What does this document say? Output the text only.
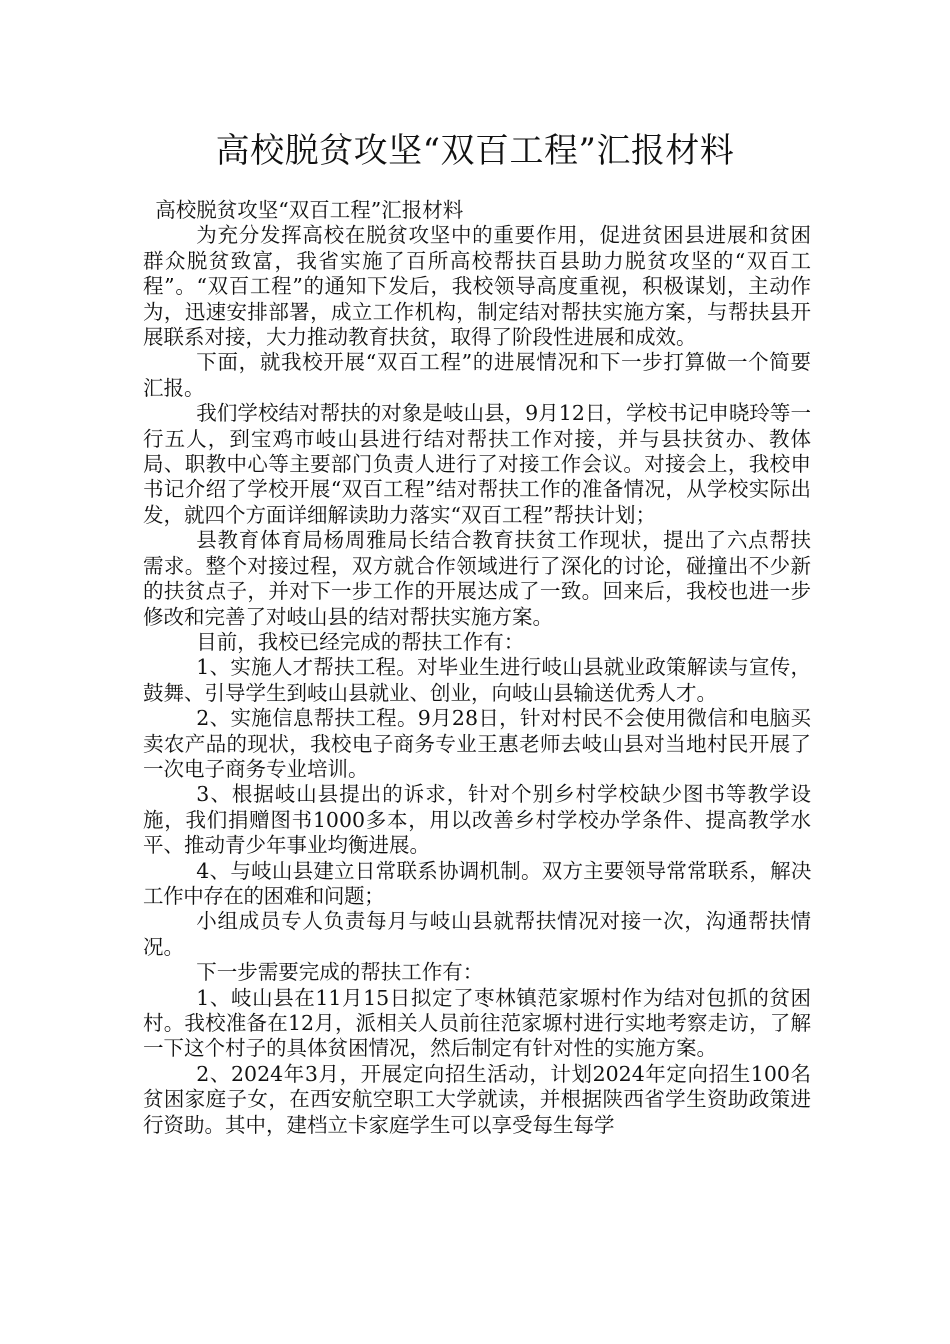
高校脱贫攻坚“双百工程”汇报材料

高校脱贫攻坚“双百工程”汇报材料

为充分发挥高校在脱贫攻坚中的重要作用，促进贫困县进展和贫困群众脱贫致富，我省实施了百所高校帮扶百县助力脱贫攻坚的“双百工程”。“双百工程”的通知下发后，我校领导高度重视，积极谋划，主动作为，迅速安排部署，成立工作机构，制定结对帮扶实施方案，与帮扶县开展联系对接，大力推动教育扶贫，取得了阶段性进展和成效。

下面，就我校开展“双百工程”的进展情况和下一步打算做一个简要汇报。

我们学校结对帮扶的对象是岐山县，9月12日，学校书记申晓玲等一行五人，到宝鸡市岐山县进行结对帮扶工作对接，并与县扶贫办、教体局、职教中心等主要部门负责人进行了对接工作会议。对接会上，我校申书记介绍了学校开展“双百工程”结对帮扶工作的准备情况，从学校实际出发，就四个方面详细解读助力落实“双百工程”帮扶计划；

县教育体育局杨周雅局长结合教育扶贫工作现状，提出了六点帮扶需求。整个对接过程，双方就合作领域进行了深化的讨论，碰撞出不少新的扶贫点子，并对下一步工作的开展达成了一致。回来后，我校也进一步修改和完善了对岐山县的结对帮扶实施方案。

目前，我校已经完成的帮扶工作有：

1、实施人才帮扶工程。对毕业生进行岐山县就业政策解读与宣传，鼓舞、引导学生到岐山县就业、创业，向岐山县输送优秀人才。

2、实施信息帮扶工程。9月28日，针对村民不会使用微信和电脑买卖农产品的现状，我校电子商务专业王惠老师去岐山县对当地村民开展了一次电子商务专业培训。

3、根据岐山县提出的诉求，针对个别乡村学校缺少图书等教学设施，我们捐赠图书1000多本，用以改善乡村学校办学条件、提高教学水平、推动青少年事业均衡进展。

4、与岐山县建立日常联系协调机制。双方主要领导常常联系，解决工作中存在的困难和问题；

小组成员专人负责每月与岐山县就帮扶情况对接一次，沟通帮扶情况。

下一步需要完成的帮扶工作有：

1、岐山县在11月15日拟定了枣林镇范家塬村作为结对包抓的贫困村。我校准备在12月，派相关人员前往范家塬村进行实地考察走访，了解一下这个村子的具体贫困情况，然后制定有针对性的实施方案。

2、2024年3月，开展定向招生活动，计划2024年定向招生100名贫困家庭子女，在西安航空职工大学就读，并根据陕西省学生资助政策进行资助。其中，建档立卡家庭学生可以享受每生每学
